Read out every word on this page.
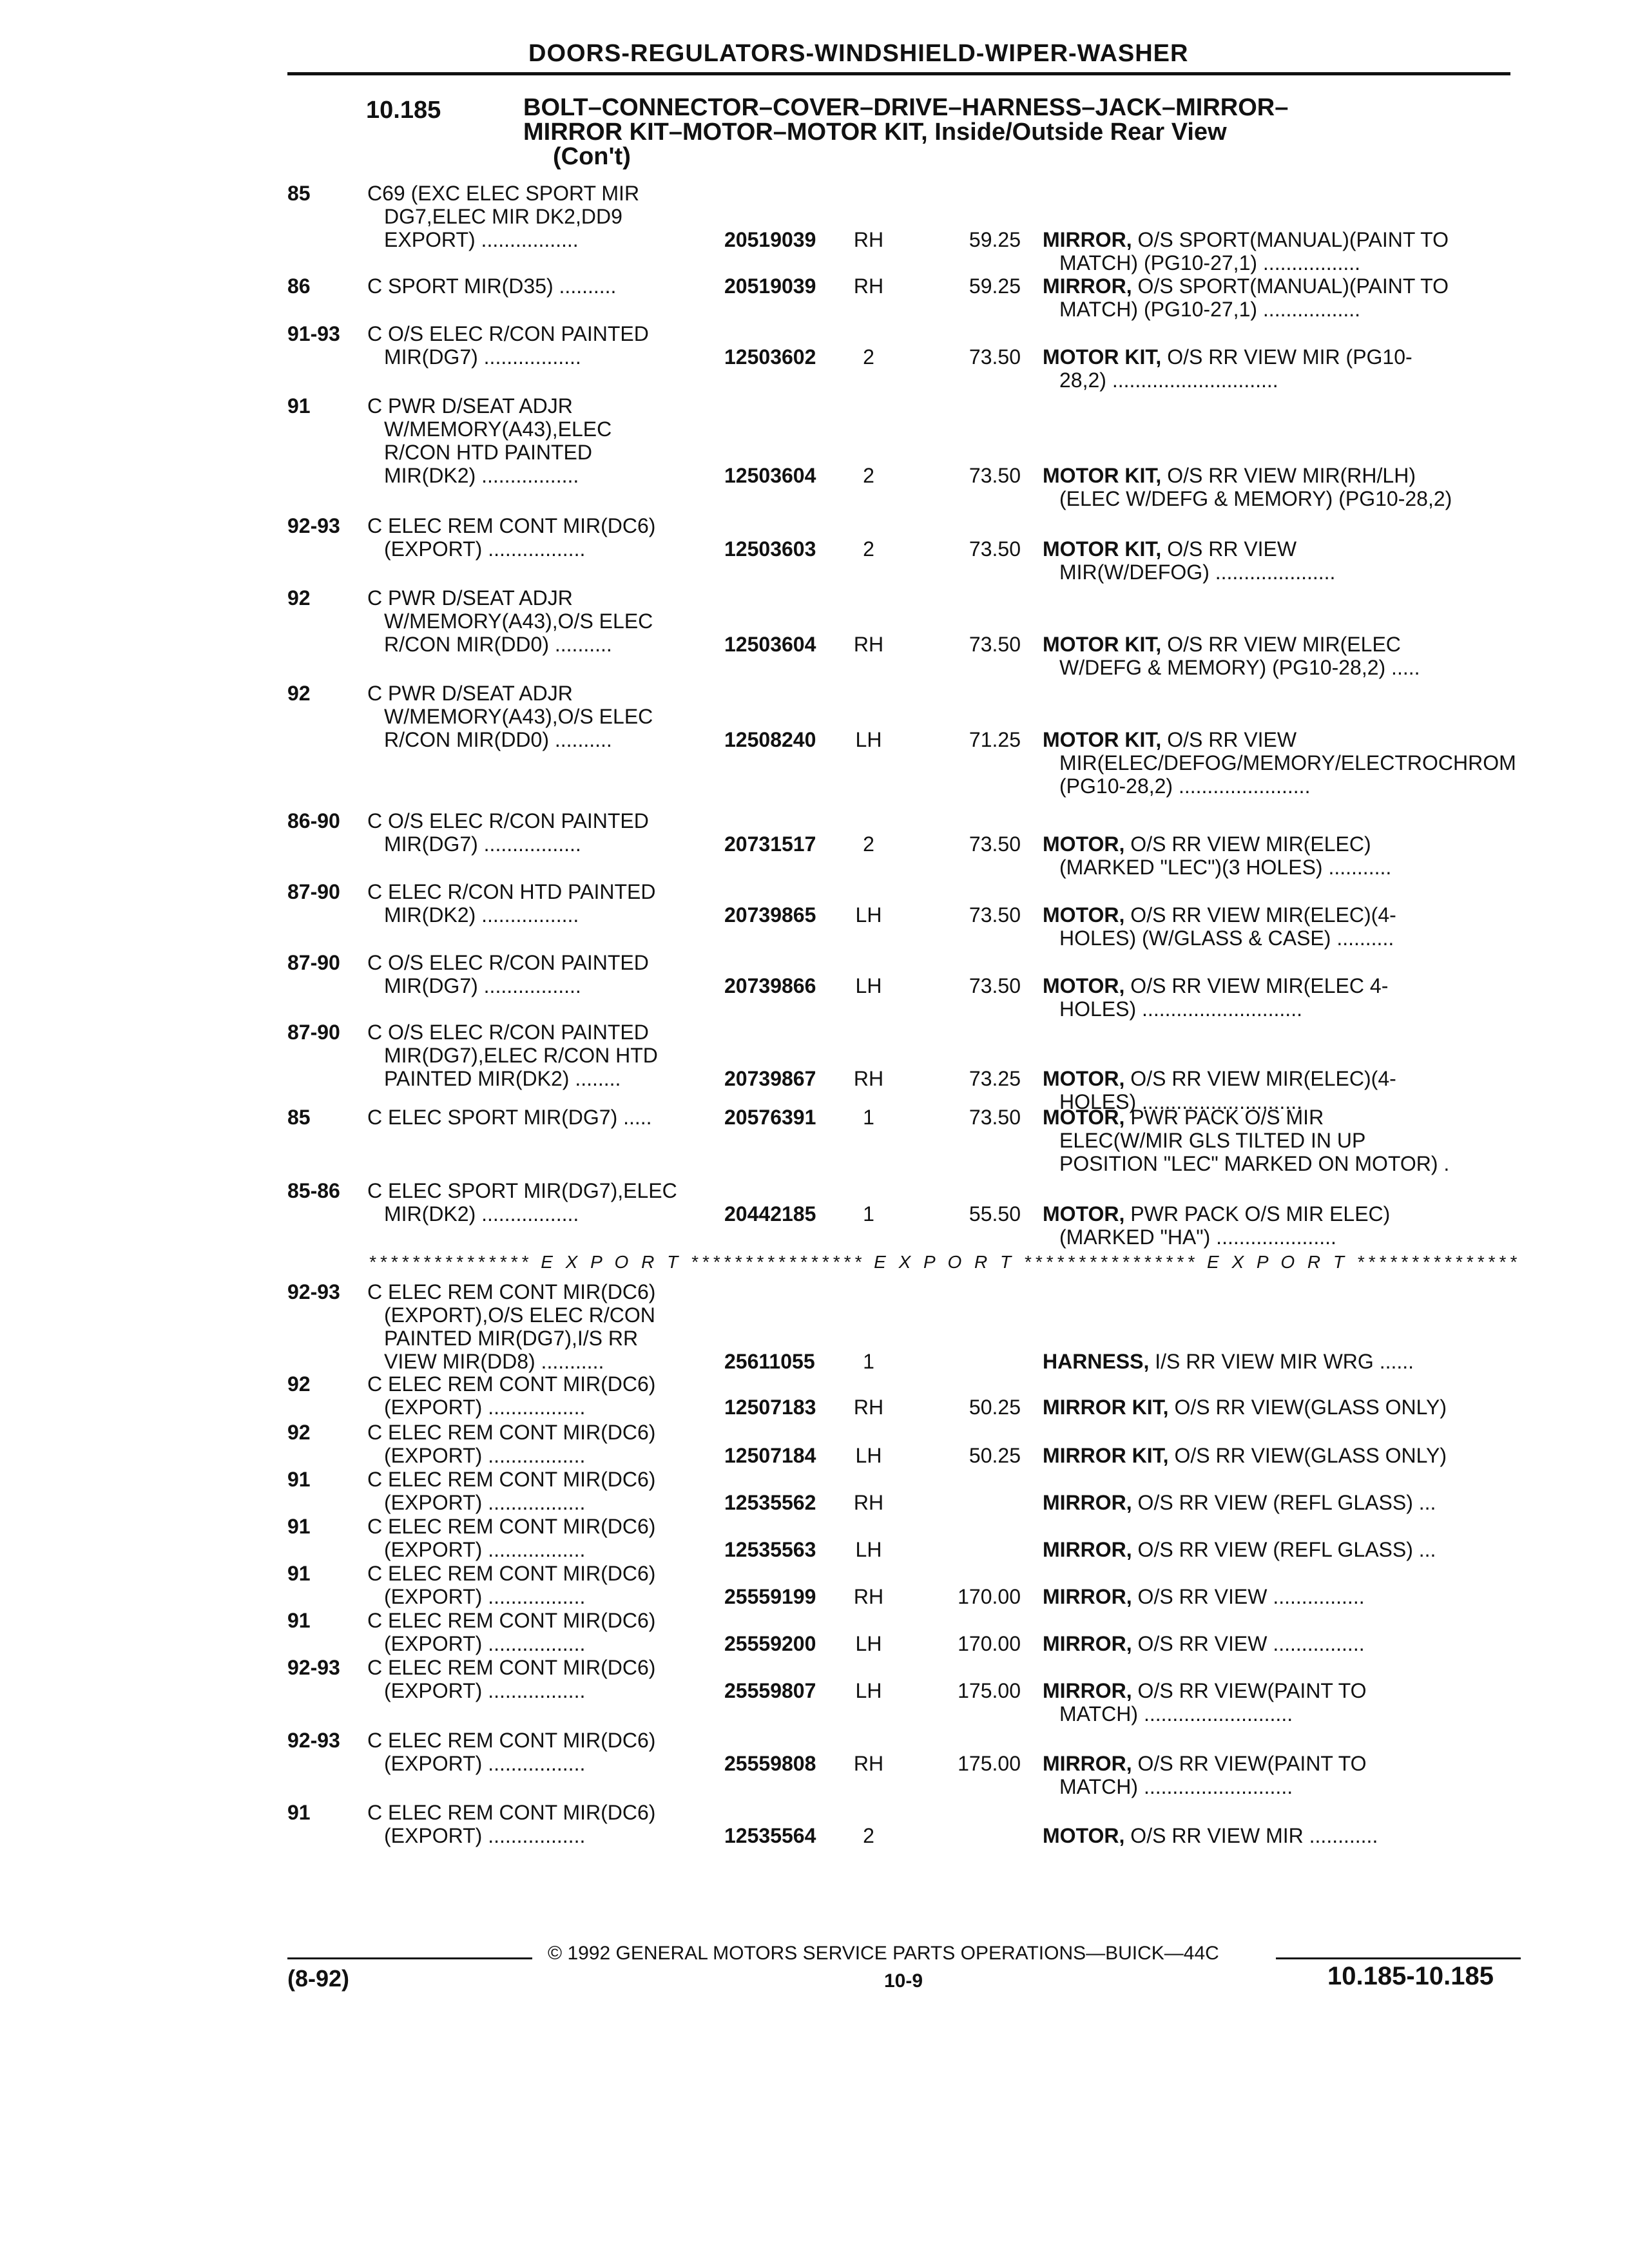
DOORS-REGULATORS-WINDSHIELD-WIPER-WASHER
10.185	BOLT–CONNECTOR–COVER–DRIVE–HARNESS–JACK–MIRROR–
MIRROR KIT–MOTOR–MOTOR KIT, Inside/Outside Rear View
(Con't)
85	C69 (EXC ELEC SPORT MIR
DG7,ELEC MIR DK2,DD9
EXPORT) .................	20519039 RH	59.25 MIRROR, O/S SPORT(MANUAL)(PAINT TO
MATCH) (PG10-27,1) .................
86	C SPORT MIR(D35) ..........	20519039 RH	59.25 MIRROR, O/S SPORT(MANUAL)(PAINT TO
MATCH) (PG10-27,1) .................
91-93 C O/S ELEC R/CON PAINTED
MIR(DG7) .................	12503602	2	73.50 MOTOR KIT, O/S RR VIEW MIR (PG10-
28,2) .............................
91	C PWR D/SEAT ADJR
W/MEMORY(A43),ELEC
R/CON HTD PAINTED
MIR(DK2) .................	12503604	2	73.50 MOTOR KIT, O/S RR VIEW MIR(RH/LH)
(ELEC W/DEFG & MEMORY) (PG10-28,2)
92-93 C ELEC REM CONT MIR(DC6)
(EXPORT) .................	12503603	2	73.50 MOTOR KIT, O/S RR VIEW
MIR(W/DEFOG) .....................
92	C PWR D/SEAT ADJR
W/MEMORY(A43),O/S ELEC
R/CON MIR(DD0) ..........	12503604 RH	73.50 MOTOR KIT, O/S RR VIEW MIR(ELEC
W/DEFG & MEMORY) (PG10-28,2) .....
92	C PWR D/SEAT ADJR
W/MEMORY(A43),O/S ELEC
R/CON MIR(DD0) ..........	12508240 LH	71.25 MOTOR KIT, O/S RR VIEW
MIR(ELEC/DEFOG/MEMORY/ELECTROCHROM
(PG10-28,2) .......................
86-90 C O/S ELEC R/CON PAINTED
MIR(DG7) .................	20731517	2	73.50 MOTOR, O/S RR VIEW MIR(ELEC)
(MARKED "LEC")(3 HOLES) ...........
87-90 C ELEC R/CON HTD PAINTED
MIR(DK2) .................	20739865 LH	73.50 MOTOR, O/S RR VIEW MIR(ELEC)(4-
HOLES) (W/GLASS & CASE) ..........
87-90 C O/S ELEC R/CON PAINTED
MIR(DG7) .................	20739866 LH	73.50 MOTOR, O/S RR VIEW MIR(ELEC 4-
HOLES) ............................
87-90 C O/S ELEC R/CON PAINTED
MIR(DG7),ELEC R/CON HTD
PAINTED MIR(DK2) ........	20739867 RH	73.25 MOTOR, O/S RR VIEW MIR(ELEC)(4-
HOLES) ............................
85	C ELEC SPORT MIR(DG7) .....	20576391	1	73.50 MOTOR, PWR PACK O/S MIR
ELEC(W/MIR GLS TILTED IN UP
POSITION "LEC" MARKED ON MOTOR) .
85-86 C ELEC SPORT MIR(DG7),ELEC
MIR(DK2) .................	20442185	1	55.50 MOTOR, PWR PACK O/S MIR ELEC)
(MARKED "HA") .....................
92-93 C ELEC REM CONT MIR(DC6)
(EXPORT),O/S ELEC R/CON
PAINTED MIR(DG7),I/S RR
VIEW MIR(DD8) ...........	25611055	1	HARNESS, I/S RR VIEW MIR WRG ......
92	C ELEC REM CONT MIR(DC6)
(EXPORT) .................	12507183 RH	50.25 MIRROR KIT, O/S RR VIEW(GLASS ONLY)
92	C ELEC REM CONT MIR(DC6)
(EXPORT) .................	12507184 LH	50.25 MIRROR KIT, O/S RR VIEW(GLASS ONLY)
91	C ELEC REM CONT MIR(DC6)
(EXPORT) .................	12535562 RH	MIRROR, O/S RR VIEW (REFL GLASS) ...
91	C ELEC REM CONT MIR(DC6)
(EXPORT) .................	12535563 LH	MIRROR, O/S RR VIEW (REFL GLASS) ...
91	C ELEC REM CONT MIR(DC6)
(EXPORT) .................	25559199 RH	170.00 MIRROR, O/S RR VIEW ................
91	C ELEC REM CONT MIR(DC6)
(EXPORT) .................	25559200 LH	170.00 MIRROR, O/S RR VIEW ................
92-93 C ELEC REM CONT MIR(DC6)
(EXPORT) .................	25559807 LH	175.00 MIRROR, O/S RR VIEW(PAINT TO
MATCH) ..........................
92-93 C ELEC REM CONT MIR(DC6)
(EXPORT) .................	25559808 RH	175.00 MIRROR, O/S RR VIEW(PAINT TO
MATCH) ..........................
91	C ELEC REM CONT MIR(DC6)
(EXPORT) .................	12535564	2	MOTOR, O/S RR VIEW MIR ............
*************** E X P O R T **************** E X P O R T **************** E X P O R T ***************
© 1992 GENERAL MOTORS SERVICE PARTS OPERATIONS—BUICK—44C
(8-92)	10-9	10.185-10.185
